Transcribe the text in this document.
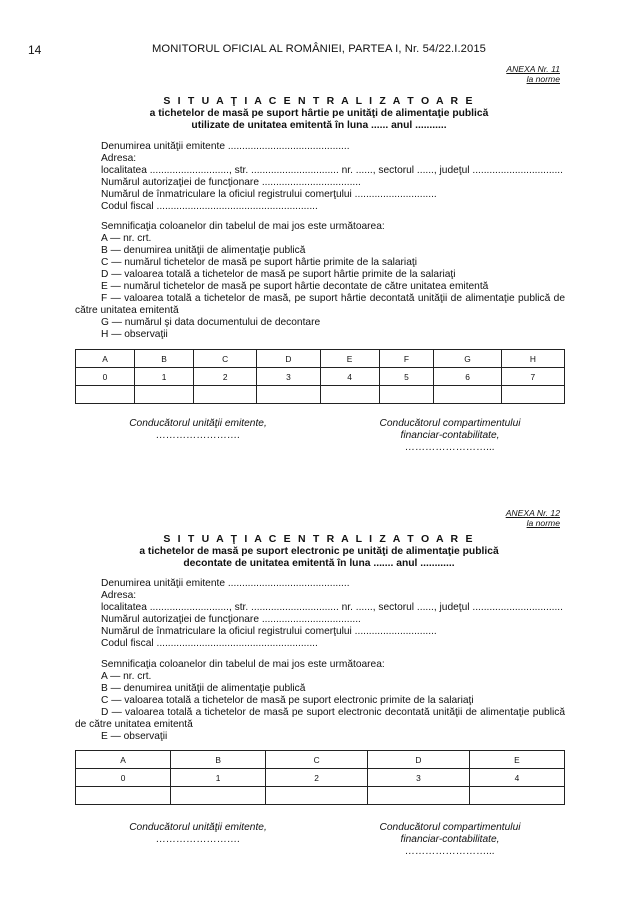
14	MONITORUL OFICIAL AL ROMÂNIEI, PARTEA I, Nr. 54/22.I.2015
ANEXA Nr. 11
la norme
S I T U A Ţ I A C E N T R A L I Z A T O A R E
a tichetelor de masă pe suport hârtie pe unităţi de alimentaţie publică
utilizate de unitatea emitentă în luna ...... anul ...........
Denumirea unităţii emitente ...........................................
Adresa:
localitatea ............................, str. ............................... nr. ......, sectorul ......, judeţul ................................
Numărul autorizaţiei de funcţionare ...................................
Numărul de înmatriculare la oficiul registrului comerţului .............................
Codul fiscal .........................................................
Semnificaţia coloanelor din tabelul de mai jos este următoarea:
A — nr. crt.
B — denumirea unităţii de alimentaţie publică
C — numărul tichetelor de masă pe suport hârtie primite de la salariaţi
D — valoarea totală a tichetelor de masă pe suport hârtie primite de la salariaţi
E — numărul tichetelor de masă pe suport hârtie decontate de către unitatea emitentă
F — valoarea totală a tichetelor de masă, pe suport hârtie decontată unităţii de alimentaţie publică de către unitatea emitentă
G — numărul şi data documentului de decontare
H — observaţii
A	B	C	D	E	F	G	H
0	1	2	3	4	5	6	7

Conducătorul unităţii emitente,
…………………….
Conducătorul compartimentului
financiar-contabilitate,
……………………...
ANEXA Nr. 12
la norme
S I T U A Ţ I A C E N T R A L I Z A T O A R E
a tichetelor de masă pe suport electronic pe unităţi de alimentaţie publică
decontate de unitatea emitentă în luna ....... anul ............
Denumirea unităţii emitente ...........................................
Adresa:
localitatea ............................, str. ............................... nr. ......, sectorul ......, judeţul ................................
Numărul autorizaţiei de funcţionare ...................................
Numărul de înmatriculare la oficiul registrului comerţului .............................
Codul fiscal .........................................................
Semnificaţia coloanelor din tabelul de mai jos este următoarea:
A — nr. crt.
B — denumirea unităţii de alimentaţie publică
C — valoarea totală a tichetelor de masă pe suport electronic primite de la salariaţi
D — valoarea totală a tichetelor de masă pe suport electronic decontată unităţii de alimentaţie publică de către unitatea emitentă
E — observaţii
A	B	C	D	E
0	1	2	3	4

Conducătorul unităţii emitente,
…………………….
Conducătorul compartimentului
financiar-contabilitate,
……………………...
